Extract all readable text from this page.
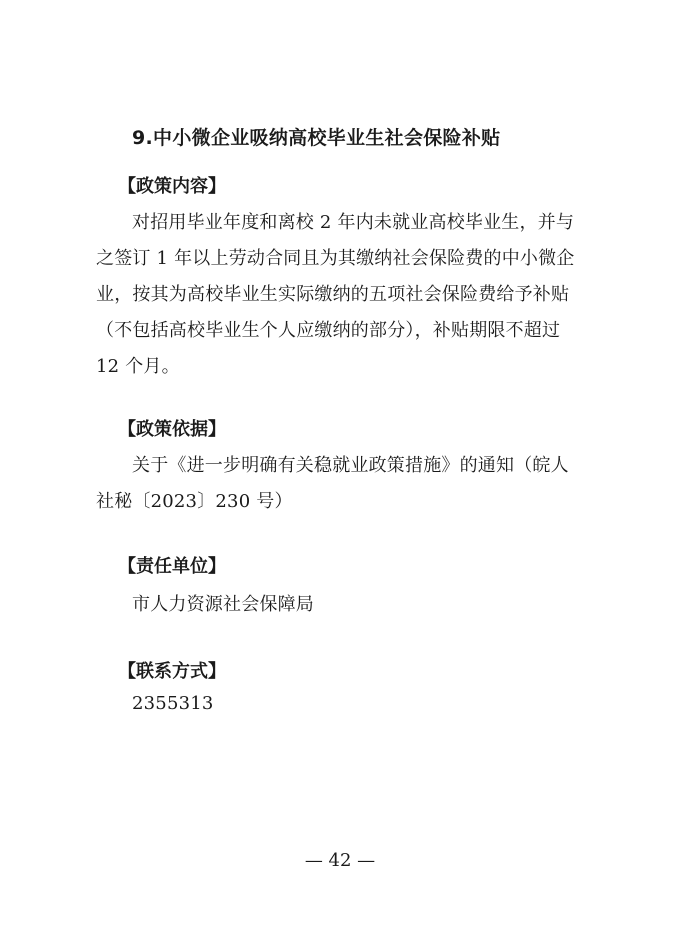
9.中小微企业吸纳高校毕业生社会保险补贴
【政策内容】
对招用毕业年度和离校 2 年内未就业高校毕业生，并与
之签订 1 年以上劳动合同且为其缴纳社会保险费的中小微企
业，按其为高校毕业生实际缴纳的五项社会保险费给予补贴
（不包括高校毕业生个人应缴纳的部分），补贴期限不超过
12 个月。
【政策依据】
关于《进一步明确有关稳就业政策措施》的通知（皖人
社秘〔2023〕230 号）
【责任单位】
市人力资源社会保障局
【联系方式】
2355313
— 42 —
